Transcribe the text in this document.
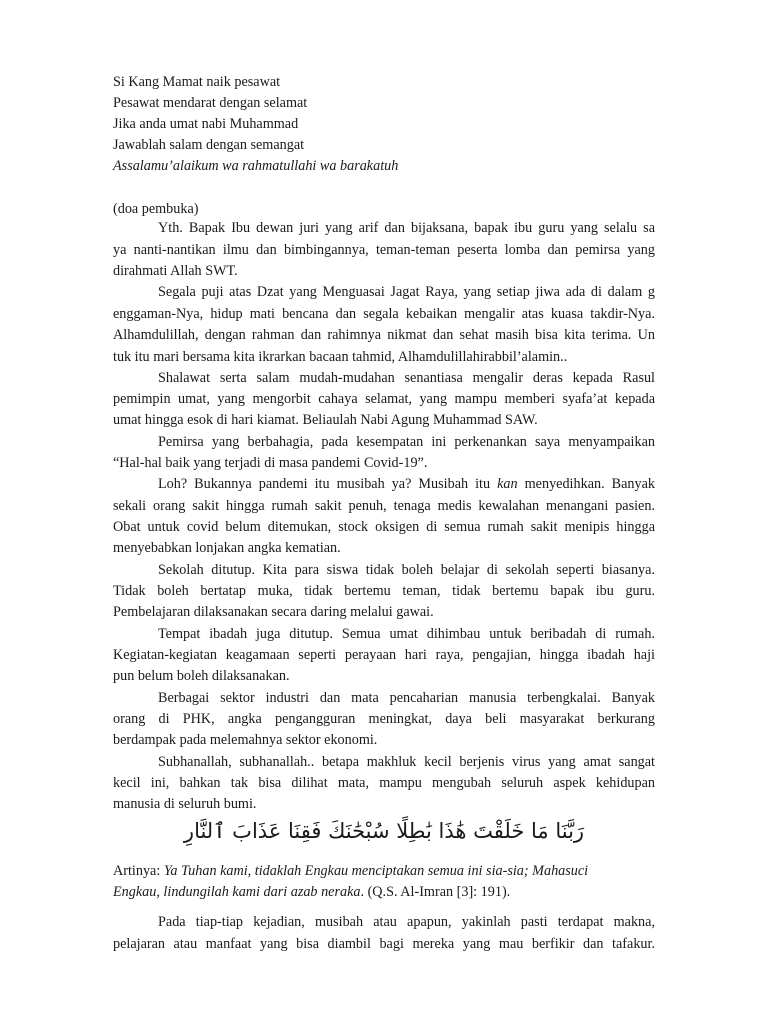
Si Kang Mamat naik pesawat
Pesawat mendarat dengan selamat
Jika anda umat nabi Muhammad
Jawablah salam dengan semangat
Assalamu’alaikum wa rahmatullahi wa barakatuh
(doa pembuka)
Yth. Bapak Ibu dewan juri yang arif dan bijaksana, bapak ibu guru yang selalu sa
ya nanti-nantikan ilmu dan bimbingannya, teman-teman peserta lomba dan pemirsa yang
dirahmati Allah SWT.
Segala puji atas Dzat yang Menguasai Jagat Raya, yang setiap jiwa ada di dalam g
enggaman-Nya, hidup mati bencana dan segala kebaikan mengalir atas kuasa takdir-Nya.
Alhamdulillah, dengan rahman dan rahimnya nikmat dan sehat masih bisa kita terima. Un
tuk itu mari bersama kita ikrarkan bacaan tahmid, Alhamdulillahirabbil’alamin..
Shalawat serta salam mudah-mudahan senantiasa mengalir deras kepada Rasul
pemimpin umat, yang mengorbit cahaya selamat, yang mampu memberi syafa’at kepada
umat hingga esok di hari kiamat. Beliaulah Nabi Agung Muhammad SAW.
Pemirsa yang berbahagia, pada kesempatan ini perkenankan saya menyampaikan
“Hal-hal baik yang terjadi di masa pandemi Covid-19”.
Loh? Bukannya pandemi itu musibah ya? Musibah itu kan menyedihkan. Banyak
sekali orang sakit hingga rumah sakit penuh, tenaga medis kewalahan menangani pasien.
Obat untuk covid belum ditemukan, stock oksigen di semua rumah sakit menipis hingga
menyebabkan lonjakan angka kematian.
Sekolah ditutup. Kita para siswa tidak boleh belajar di sekolah seperti biasanya.
Tidak boleh bertatap muka, tidak bertemu teman, tidak bertemu bapak ibu guru.
Pembelajaran dilaksanakan secara daring melalui gawai.
Tempat ibadah juga ditutup. Semua umat dihimbau untuk beribadah di rumah.
Kegiatan-kegiatan keagamaan seperti perayaan hari raya, pengajian, hingga ibadah haji
pun belum boleh dilaksanakan.
Berbagai sektor industri dan mata pencaharian manusia terbengkalai. Banyak
orang di PHK, angka pengangguran meningkat, daya beli masyarakat berkurang
berdampak pada melemahnya sektor ekonomi.
Subhanallah, subhanallah.. betapa makhluk kecil berjenis virus yang amat sangat
kecil ini, bahkan tak bisa dilihat mata, mampu mengubah seluruh aspek kehidupan
manusia di seluruh bumi.
رَبَّنَا مَا خَلَقْتَ هَٰذَا بَٰطِلًا سُبْحَٰنَكَ فَقِنَا عَذَابَ ٱلنَّارِ
Artinya: Ya Tuhan kami, tidaklah Engkau menciptakan semua ini sia-sia; Mahasuci
Engkau, lindungilah kami dari azab neraka. (Q.S. Al-Imran [3]: 191).
Pada tiap-tiap kejadian, musibah atau apapun, yakinlah pasti terdapat makna,
pelajaran atau manfaat yang bisa diambil bagi mereka yang mau berfikir dan tafakur.
